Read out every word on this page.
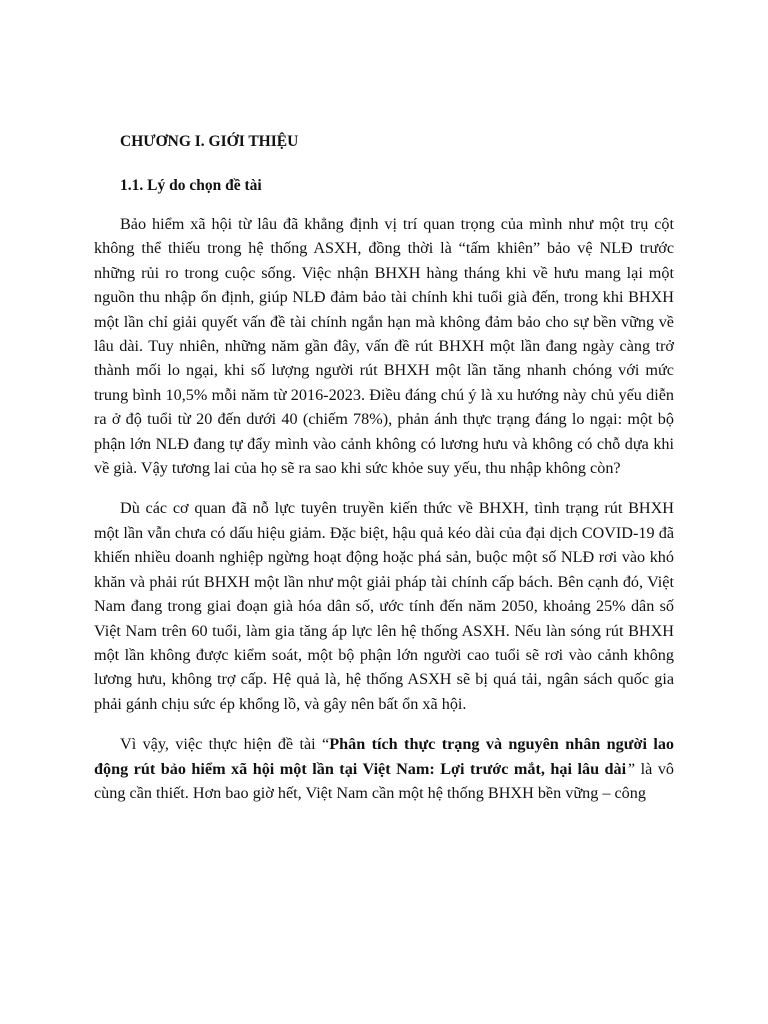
CHƯƠNG I. GIỚI THIỆU
1.1. Lý do chọn đề tài

Bảo hiểm xã hội từ lâu đã khẳng định vị trí quan trọng của mình như một trụ cột không thể thiếu trong hệ thống ASXH, đồng thời là “tấm khiên” bảo vệ NLĐ trước những rủi ro trong cuộc sống. Việc nhận BHXH hàng tháng khi về hưu mang lại một nguồn thu nhập ổn định, giúp NLĐ đảm bảo tài chính khi tuổi già đến, trong khi BHXH một lần chỉ giải quyết vấn đề tài chính ngắn hạn mà không đảm bảo cho sự bền vững về lâu dài. Tuy nhiên, những năm gần đây, vấn đề rút BHXH một lần đang ngày càng trở thành mối lo ngại, khi số lượng người rút BHXH một lần tăng nhanh chóng với mức trung bình 10,5% mỗi năm từ 2016-2023. Điều đáng chú ý là xu hướng này chủ yếu diễn ra ở độ tuổi từ 20 đến dưới 40 (chiếm 78%), phản ánh thực trạng đáng lo ngại: một bộ phận lớn NLĐ đang tự đẩy mình vào cảnh không có lương hưu và không có chỗ dựa khi về già. Vậy tương lai của họ sẽ ra sao khi sức khỏe suy yếu, thu nhập không còn?

Dù các cơ quan đã nỗ lực tuyên truyền kiến thức về BHXH, tình trạng rút BHXH một lần vẫn chưa có dấu hiệu giảm. Đặc biệt, hậu quả kéo dài của đại dịch COVID-19 đã khiến nhiều doanh nghiệp ngừng hoạt động hoặc phá sản, buộc một số NLĐ rơi vào khó khăn và phải rút BHXH một lần như một giải pháp tài chính cấp bách. Bên cạnh đó, Việt Nam đang trong giai đoạn già hóa dân số, ước tính đến năm 2050, khoảng 25% dân số Việt Nam trên 60 tuổi, làm gia tăng áp lực lên hệ thống ASXH. Nếu làn sóng rút BHXH một lần không được kiểm soát, một bộ phận lớn người cao tuổi sẽ rơi vào cảnh không lương hưu, không trợ cấp. Hệ quả là, hệ thống ASXH sẽ bị quá tải, ngân sách quốc gia phải gánh chịu sức ép khổng lồ, và gây nên bất ổn xã hội.

Vì vậy, việc thực hiện đề tài “Phân tích thực trạng và nguyên nhân người lao động rút bảo hiểm xã hội một lần tại Việt Nam: Lợi trước mắt, hại lâu dài” là vô cùng cần thiết. Hơn bao giờ hết, Việt Nam cần một hệ thống BHXH bền vững – công
